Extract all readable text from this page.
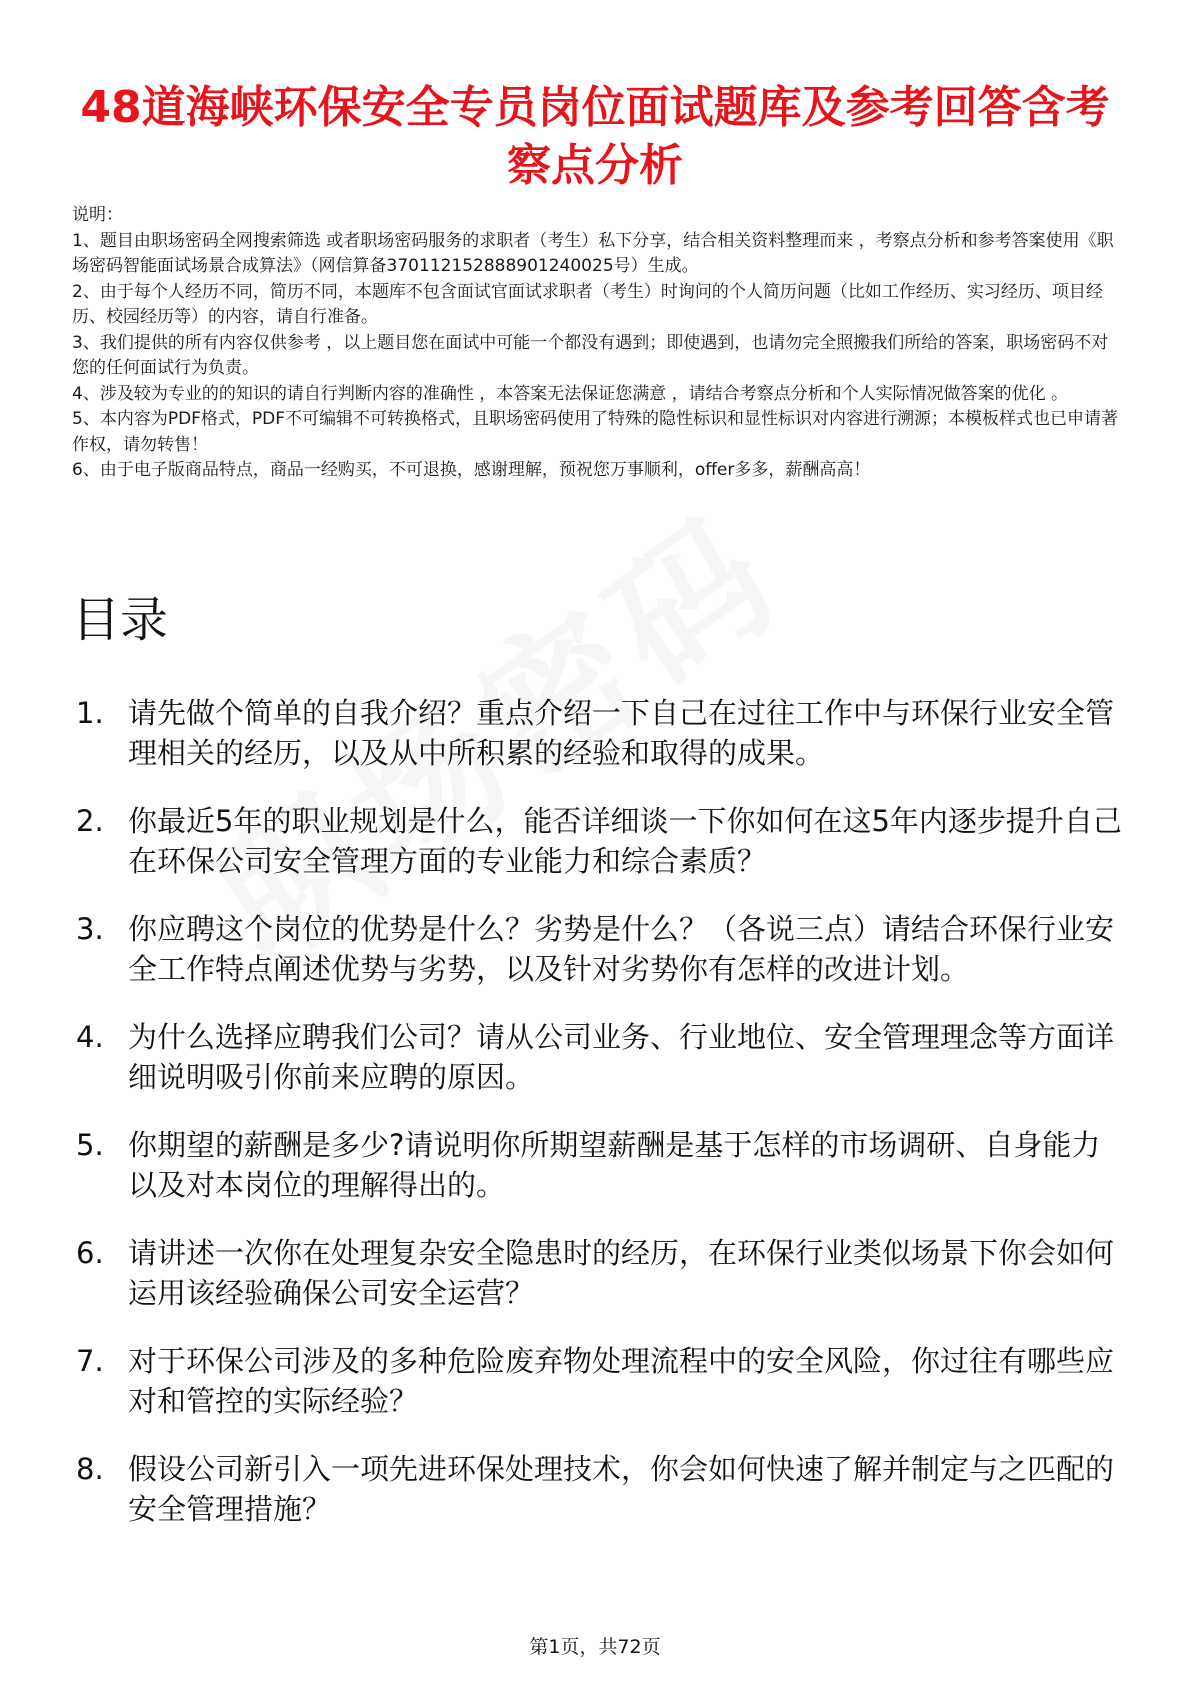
48道海峡环保安全专员岗位面试题库及参考回答含考察点分析

说明：

1、题目由职场密码全网搜索筛选 或者职场密码服务的求职者（考生）私下分享，结合相关资料整理而来 ，考察点分析和参考答案使用《职场密码智能面试场景合成算法》（网信算备370112152888901240025号）生成。

2、由于每个人经历不同，简历不同，本题库不包含面试官面试求职者（考生）时询问的个人简历问题（比如工作经历、实习经历、项目经历、校园经历等）的内容，请自行准备。

3、我们提供的所有内容仅供参考 ，以上题目您在面试中可能一个都没有遇到；即使遇到，也请勿完全照搬我们所给的答案，职场密码不对您的任何面试行为负责。

4、涉及较为专业的的知识的请自行判断内容的准确性 ，本答案无法保证您满意 ，请结合考察点分析和个人实际情况做答案的优化 。

5、本内容为PDF格式，PDF不可编辑不可转换格式，且职场密码使用了特殊的隐性标识和显性标识对内容进行溯源；本模板样式也已申请著作权，请勿转售！

6、由于电子版商品特点，商品一经购买，不可退换，感谢理解，预祝您万事顺利，offer多多，薪酬高高！

目录
1. 请先做个简单的自我介绍？重点介绍一下自己在过往工作中与环保行业安全管理相关的经历，以及从中所积累的经验和取得的成果。
2. 你最近5年的职业规划是什么，能否详细谈一下你如何在这5年内逐步提升自己在环保公司安全管理方面的专业能力和综合素质？
3. 你应聘这个岗位的优势是什么？劣势是什么？（各说三点）请结合环保行业安全工作特点阐述优势与劣势，以及针对劣势你有怎样的改进计划。
4. 为什么选择应聘我们公司？请从公司业务、行业地位、安全管理理念等方面详细说明吸引你前来应聘的原因。
5. 你期望的薪酬是多少?请说明你所期望薪酬是基于怎样的市场调研、自身能力以及对本岗位的理解得出的。
6. 请讲述一次你在处理复杂安全隐患时的经历，在环保行业类似场景下你会如何运用该经验确保公司安全运营？
7. 对于环保公司涉及的多种危险废弃物处理流程中的安全风险，你过往有哪些应对和管控的实际经验？
8. 假设公司新引入一项先进环保处理技术，你会如何快速了解并制定与之匹配的安全管理措施？
第1页，共72页
